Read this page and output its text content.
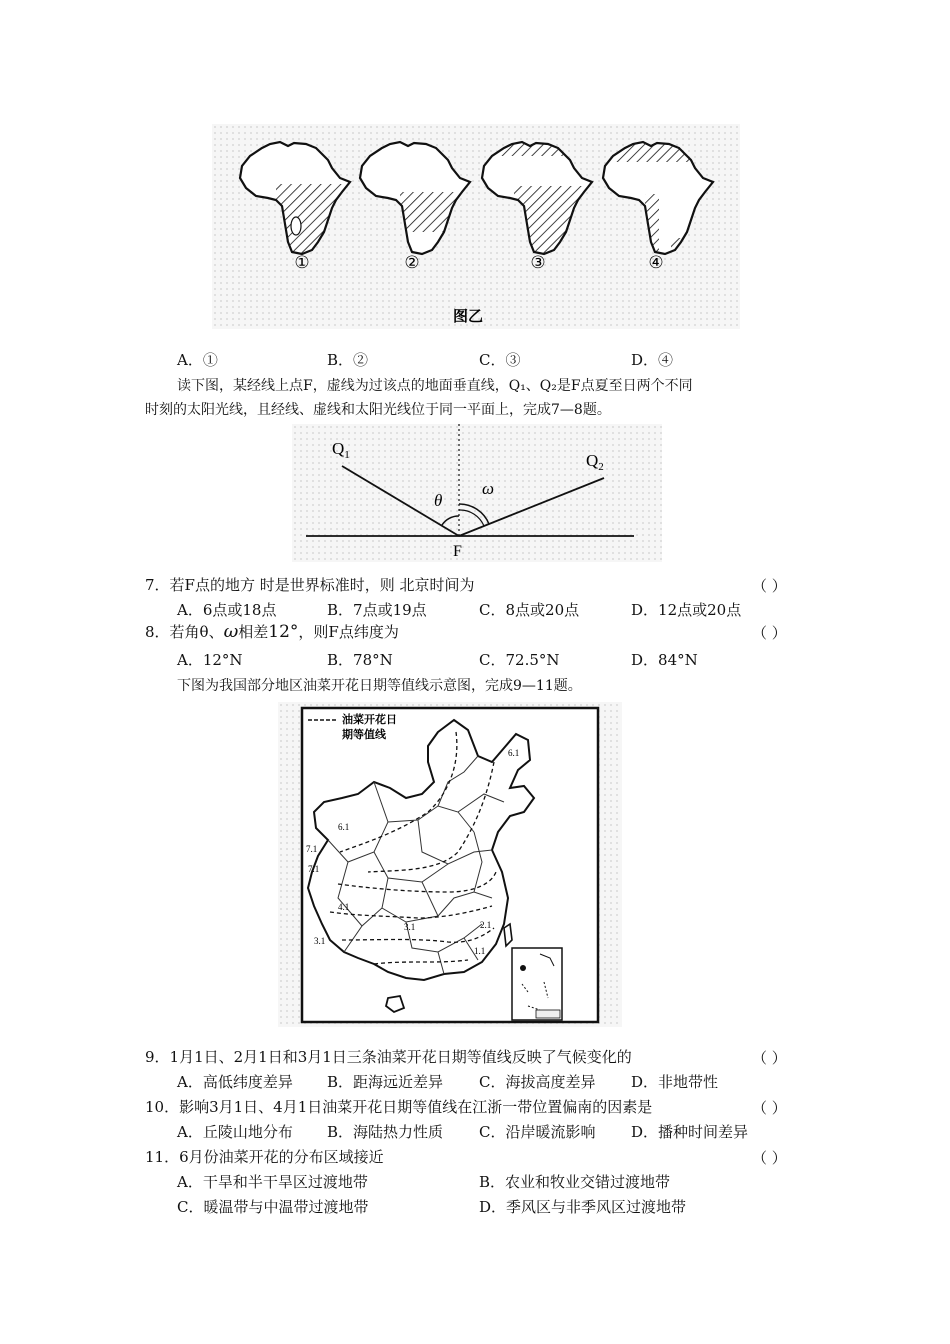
①	②	③	④
图乙
A．①	B．②	C．③	D．④
读下图，某经线上点F，虚线为过该点的地面垂直线，Q₁、Q₂是F点夏至日两个不同
时刻的太阳光线，且经线、虚线和太阳光线位于同一平面上，完成7—8题。
$Q_1$	$Q_2$
θ
ω
F
7．若F点的地方 时是世界标准时，则 北京时间为	（ ）
A．6点或18点	B．7点或19点	C．8点或20点	D．12点或20点
8．若角θ、ω相差12°，则F点纬度为	（ ）
A．12°N	B．78°N	C．72.5°N	D．84°N
下图为我国部分地区油菜开花日期等值线示意图，完成9—11题。
油菜开花日
期等值线
6.1
6.1
7.1
7.1
4.1
3.1
3.1	2.1
1.1
9．1月1日、2月1日和3月1日三条油菜开花日期等值线反映了气候变化的	（ ）
A．高低纬度差异 B．距海远近差异 C．海拔高度差异 D．非地带性
10．影响3月1日、4月1日油菜开花日期等值线在江浙一带位置偏南的因素是	（ ）
A．丘陵山地分布 B．海陆热力性质 C．沿岸暖流影响 D．播种时间差异
11．6月份油菜开花的分布区域接近	（ ）
A．干旱和半干旱区过渡地带	B．农业和牧业交错过渡地带
C．暖温带与中温带过渡地带	D．季风区与非季风区过渡地带
